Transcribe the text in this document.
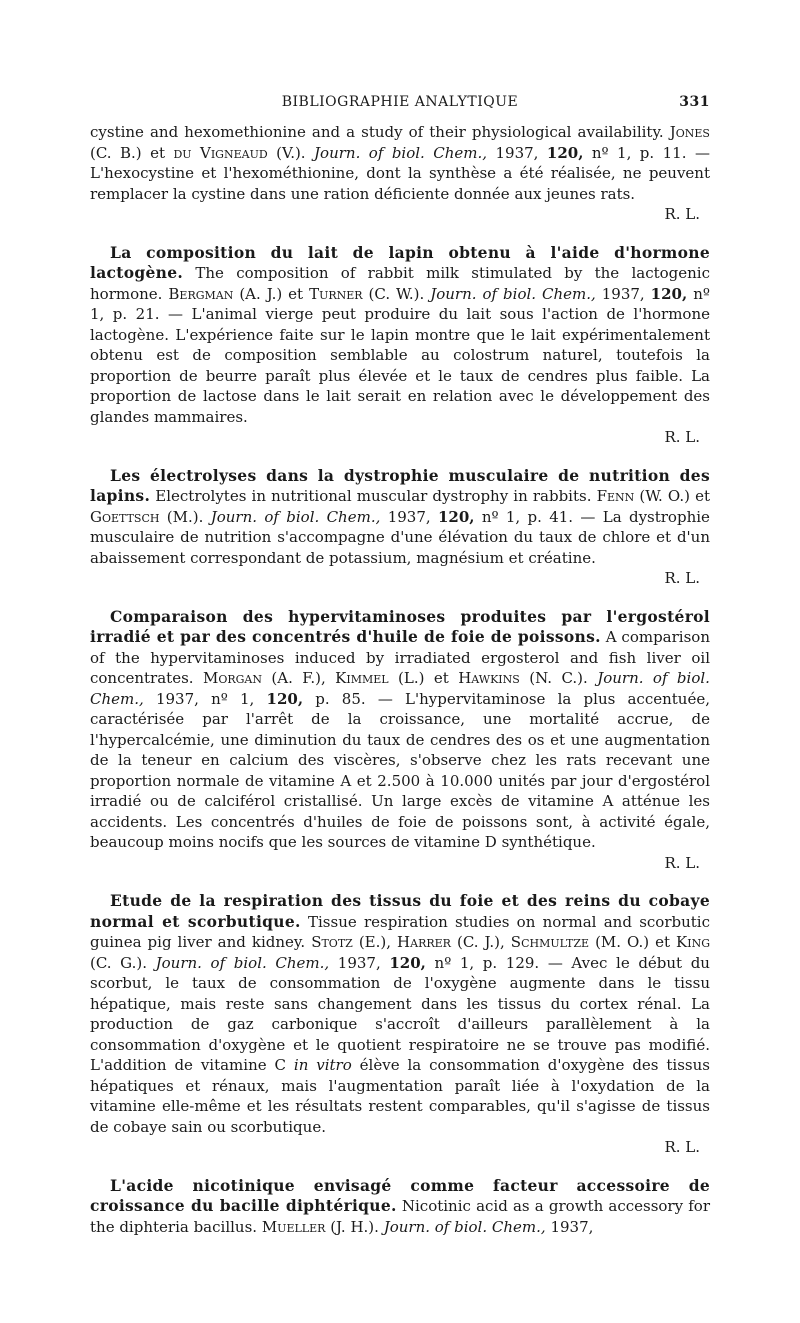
BIBLIOGRAPHIE ANALYTIQUE	331

cystine and hexomethionine and a study of their physiological availability. Jones (C. B.) et du Vigneaud (V.). Journ. of biol. Chem., 1937, 120, nº 1, p. 11. — L'hexocystine et l'hexométhionine, dont la synthèse a été réalisée, ne peuvent remplacer la cystine dans une ration déficiente donnée aux jeunes rats.

R. L.

La composition du lait de lapin obtenu à l'aide d'hormone lactogène. The composition of rabbit milk stimulated by the lactogenic hormone. Bergman (A. J.) et Turner (C. W.). Journ. of biol. Chem., 1937, 120, nº 1, p. 21. — L'animal vierge peut produire du lait sous l'action de l'hormone lactogène. L'expérience faite sur le lapin montre que le lait expérimentalement obtenu est de composition semblable au colostrum naturel, toutefois la proportion de beurre paraît plus élevée et le taux de cendres plus faible. La proportion de lactose dans le lait serait en relation avec le développement des glandes mammaires.

R. L.

Les électrolyses dans la dystrophie musculaire de nutrition des lapins. Electrolytes in nutritional muscular dystrophy in rabbits. Fenn (W. O.) et Goettsch (M.). Journ. of biol. Chem., 1937, 120, nº 1, p. 41. — La dystrophie musculaire de nutrition s'accompagne d'une élévation du taux de chlore et d'un abaissement correspondant de potassium, magnésium et créatine.

R. L.

Comparaison des hypervitaminoses produites par l'ergostérol irradié et par des concentrés d'huile de foie de poissons. A comparison of the hypervitaminoses induced by irradiated ergosterol and fish liver oil concentrates. Morgan (A. F.), Kimmel (L.) et Hawkins (N. C.). Journ. of biol. Chem., 1937, nº 1, 120, p. 85. — L'hypervitaminose la plus accentuée, caractérisée par l'arrêt de la croissance, une mortalité accrue, de l'hypercalcémie, une diminution du taux de cendres des os et une augmentation de la teneur en calcium des viscères, s'observe chez les rats recevant une proportion normale de vitamine A et 2.500 à 10.000 unités par jour d'ergostérol irradié ou de calciférol cristallisé. Un large excès de vitamine A atténue les accidents. Les concentrés d'huiles de foie de poissons sont, à activité égale, beaucoup moins nocifs que les sources de vitamine D synthétique.

R. L.

Etude de la respiration des tissus du foie et des reins du cobaye normal et scorbutique. Tissue respiration studies on normal and scorbutic guinea pig liver and kidney. Stotz (E.), Harrer (C. J.), Schmultze (M. O.) et King (C. G.). Journ. of biol. Chem., 1937, 120, nº 1, p. 129. — Avec le début du scorbut, le taux de consommation de l'oxygène augmente dans le tissu hépatique, mais reste sans changement dans les tissus du cortex rénal. La production de gaz carbonique s'accroît d'ailleurs parallèlement à la consommation d'oxygène et le quotient respiratoire ne se trouve pas modifié. L'addition de vitamine C in vitro élève la consommation d'oxygène des tissus hépatiques et rénaux, mais l'augmentation paraît liée à l'oxydation de la vitamine elle-même et les résultats restent comparables, qu'il s'agisse de tissus de cobaye sain ou scorbutique.

R. L.

L'acide nicotinique envisagé comme facteur accessoire de croissance du bacille diphtérique. Nicotinic acid as a growth accessory for the diphteria bacillus. Mueller (J. H.). Journ. of biol. Chem., 1937,
